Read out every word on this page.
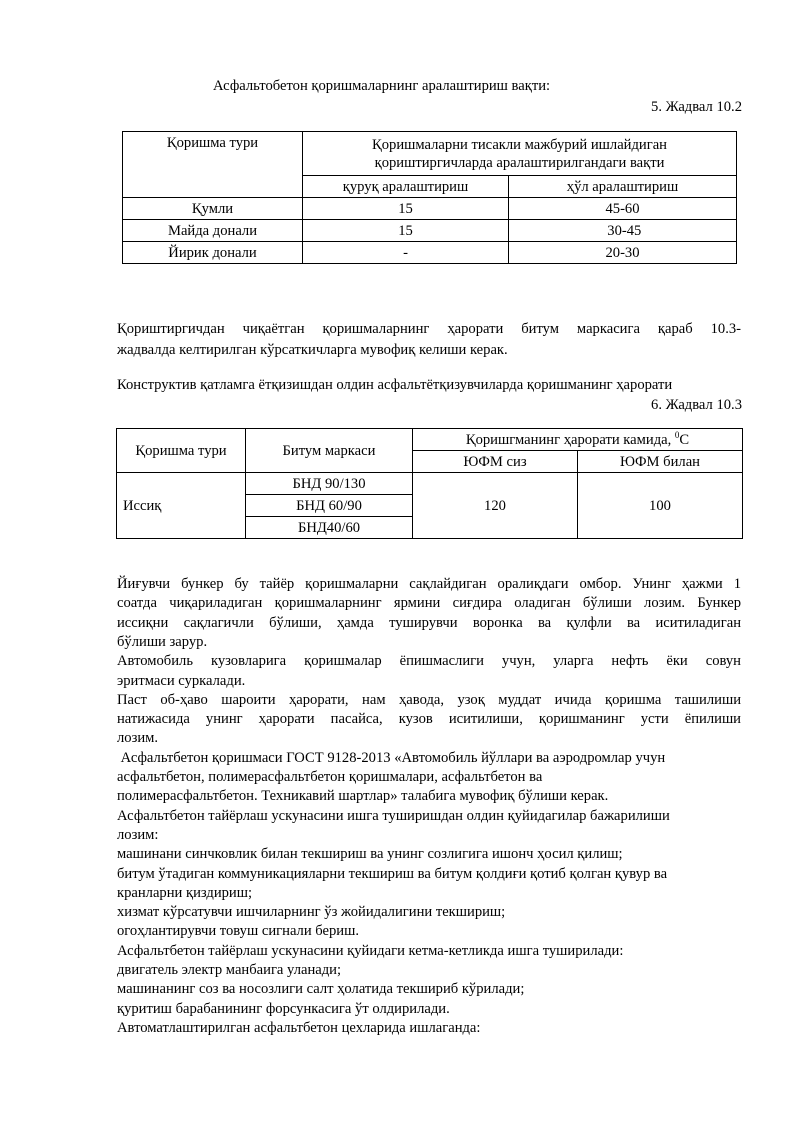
Асфальтобетон қоришмаларнинг аралаштириш вақти:
5. Жадвал 10.2
Қоришма тури	Қоришмаларни тисакли мажбурий ишлайдиган
қориштиргичларда аралаштирилгандаги вақти	

	қуруқ аралаштириш	ҳўл аралаштириш
Қумли	15	45-60
Майда донали	15	30-45
Йирик донали	-	20-30
Қориштиргичдан чиқаётган қоришмаларнинг ҳарорати битум маркасига қараб 10.3-
жадвалда келтирилган кўрсаткичларга мувофиқ келиши керак.
Конструктив қатламга ётқизишдан олдин асфальтётқизувчиларда қоришманинг ҳарорати
6. Жадвал 10.3
Қоришма тури	Битум маркаси	Қоришгманинг ҳарорати камида, $^0$С	
		ЮФМ сиз	ЮФМ билан
Иссиқ	БНД 90/130	120	100
	БНД 60/90		
	БНД40/60		
Йиғувчи бункер бу тайёр қоришмаларни сақлайдиган оралиқдаги омбор. Унинг ҳажми 1
соатда чиқариладиган қоришмаларнинг ярмини сиғдира оладиган бўлиши лозим. Бункер
иссиқни сақлагичли бўлиши, ҳамда туширувчи воронка ва қулфли ва иситиладиган
бўлиши зарур.
Автомобиль кузовларига қоришмалар ёпишмаслиги учун, уларга нефть ёки совун
эритмаси суркалади.
Паст об-ҳаво шароити ҳарорати, нам ҳавода, узоқ муддат ичида қоришма ташилиши
натижасида унинг ҳарорати пасайса, кузов иситилиши, қоришманинг усти ёпилиши
лозим.
Асфальтбетон қоришмаси ГОСТ 9128-2013 «Автомобиль йўллари ва аэродромлар учун
асфальтбетон, полимерасфальтбетон қоришмалари, асфальтбетон ва
полимерасфальтбетон. Техникавий шартлар» талабига мувофиқ бўлиши керак.
Асфальтбетон тайёрлаш ускунасини ишга туширишдан олдин қуйидагилар бажарилиши
лозим:
машинани синчковлик билан текшириш ва унинг созлигига ишонч ҳосил қилиш;
битум ўтадиган коммуникацияларни текшириш ва битум қолдиғи қотиб қолган қувур ва
кранларни қиздириш;
хизмат кўрсатувчи ишчиларнинг ўз жойидалигини текшириш;
огоҳлантирувчи товуш сигнали бериш.
Асфальтбетон тайёрлаш ускунасини қуйидаги кетма-кетликда ишга туширилади:
двигатель электр манбаига уланади;
машинанинг соз ва носозлиги салт ҳолатида текшириб кўрилади;
қуритиш барабанининг форсункасига ўт олдирилади.
Автоматлаштирилган асфальтбетон цехларида ишлаганда:
